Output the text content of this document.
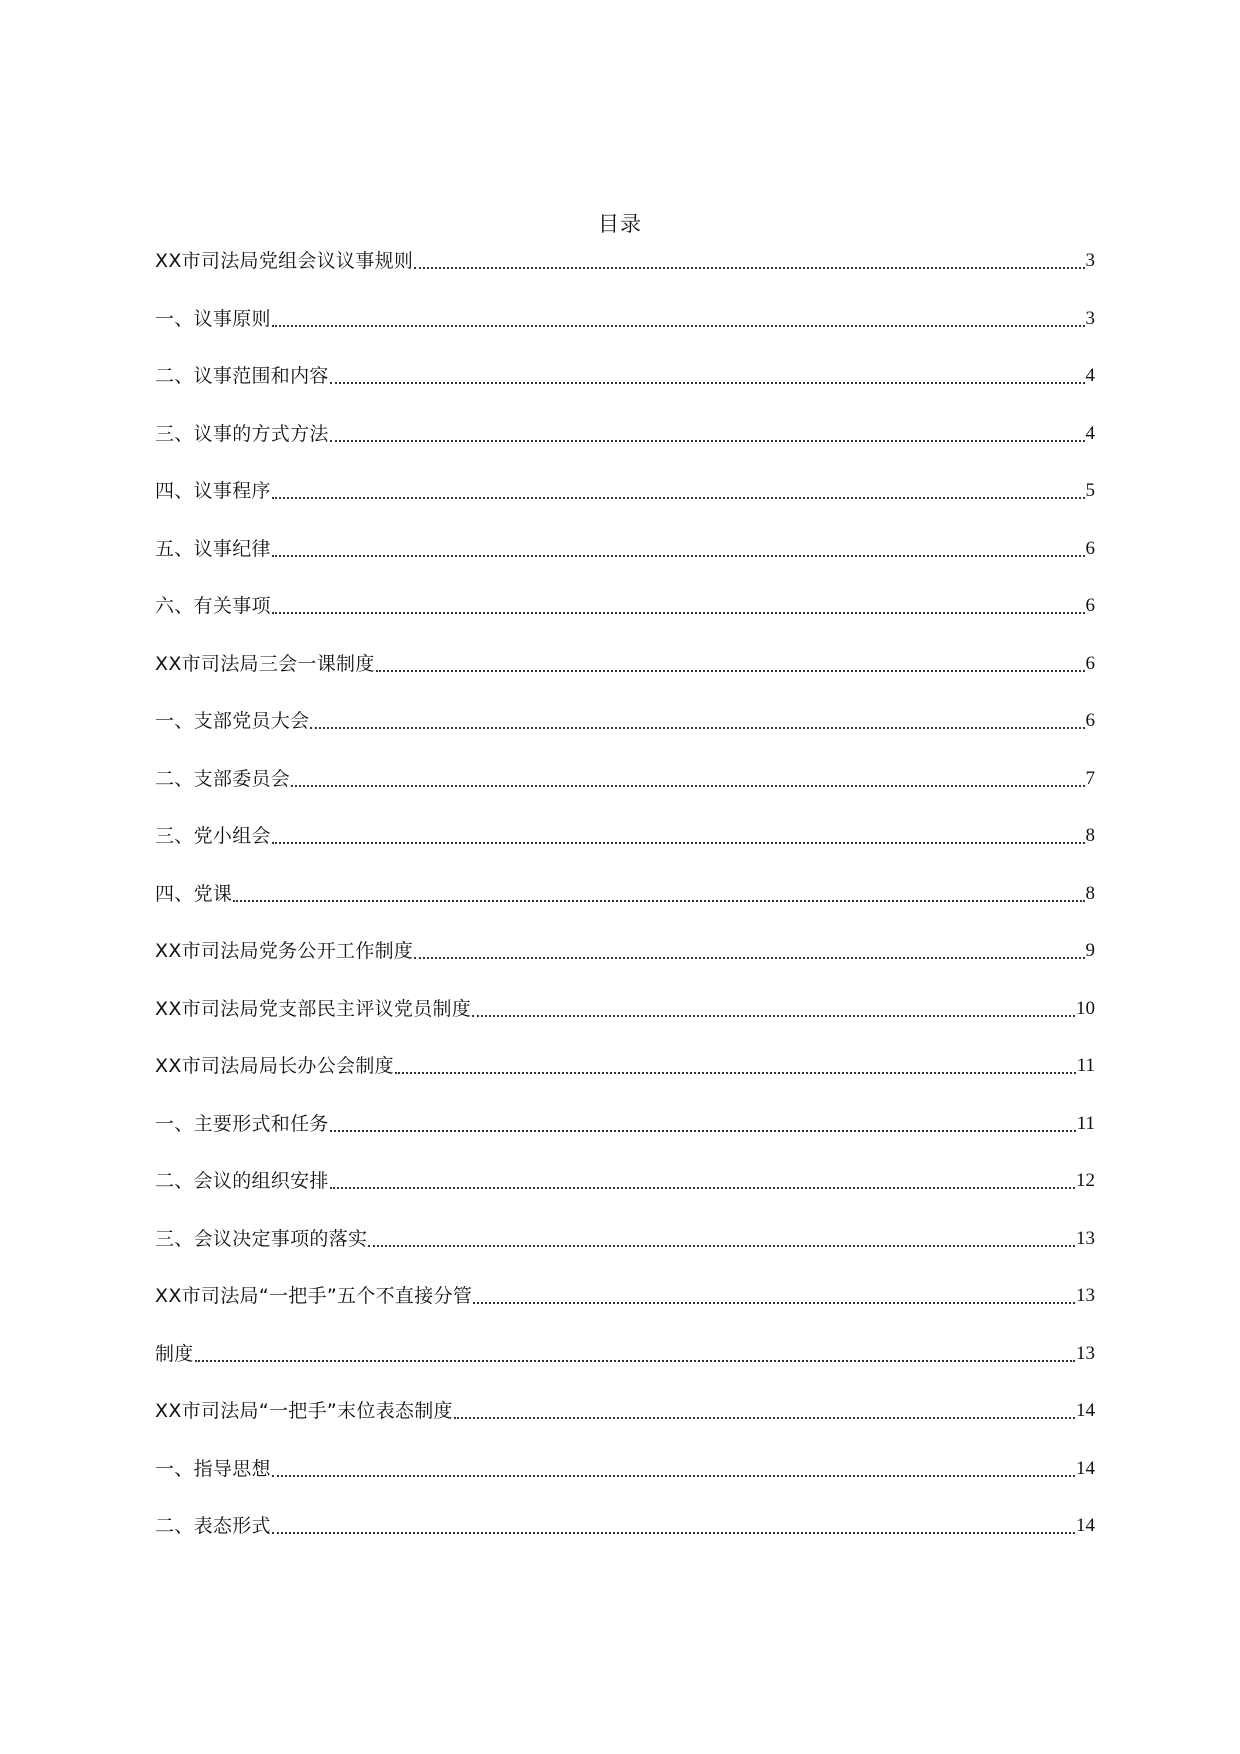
目录
XX市司法局党组会议议事规则	3
一、议事原则	3
二、议事范围和内容	4
三、议事的方式方法	4
四、议事程序	5
五、议事纪律	6
六、有关事项	6
XX市司法局三会一课制度	6
一、支部党员大会	6
二、支部委员会	7
三、党小组会	8
四、党课	8
XX市司法局党务公开工作制度	9
XX市司法局党支部民主评议党员制度	10
XX市司法局局长办公会制度	11
一、主要形式和任务	11
二、会议的组织安排	12
三、会议决定事项的落实	13
XX市司法局“一把手”五个不直接分管	13
制度	13
XX市司法局“一把手”末位表态制度	14
一、指导思想	14
二、表态形式	14
